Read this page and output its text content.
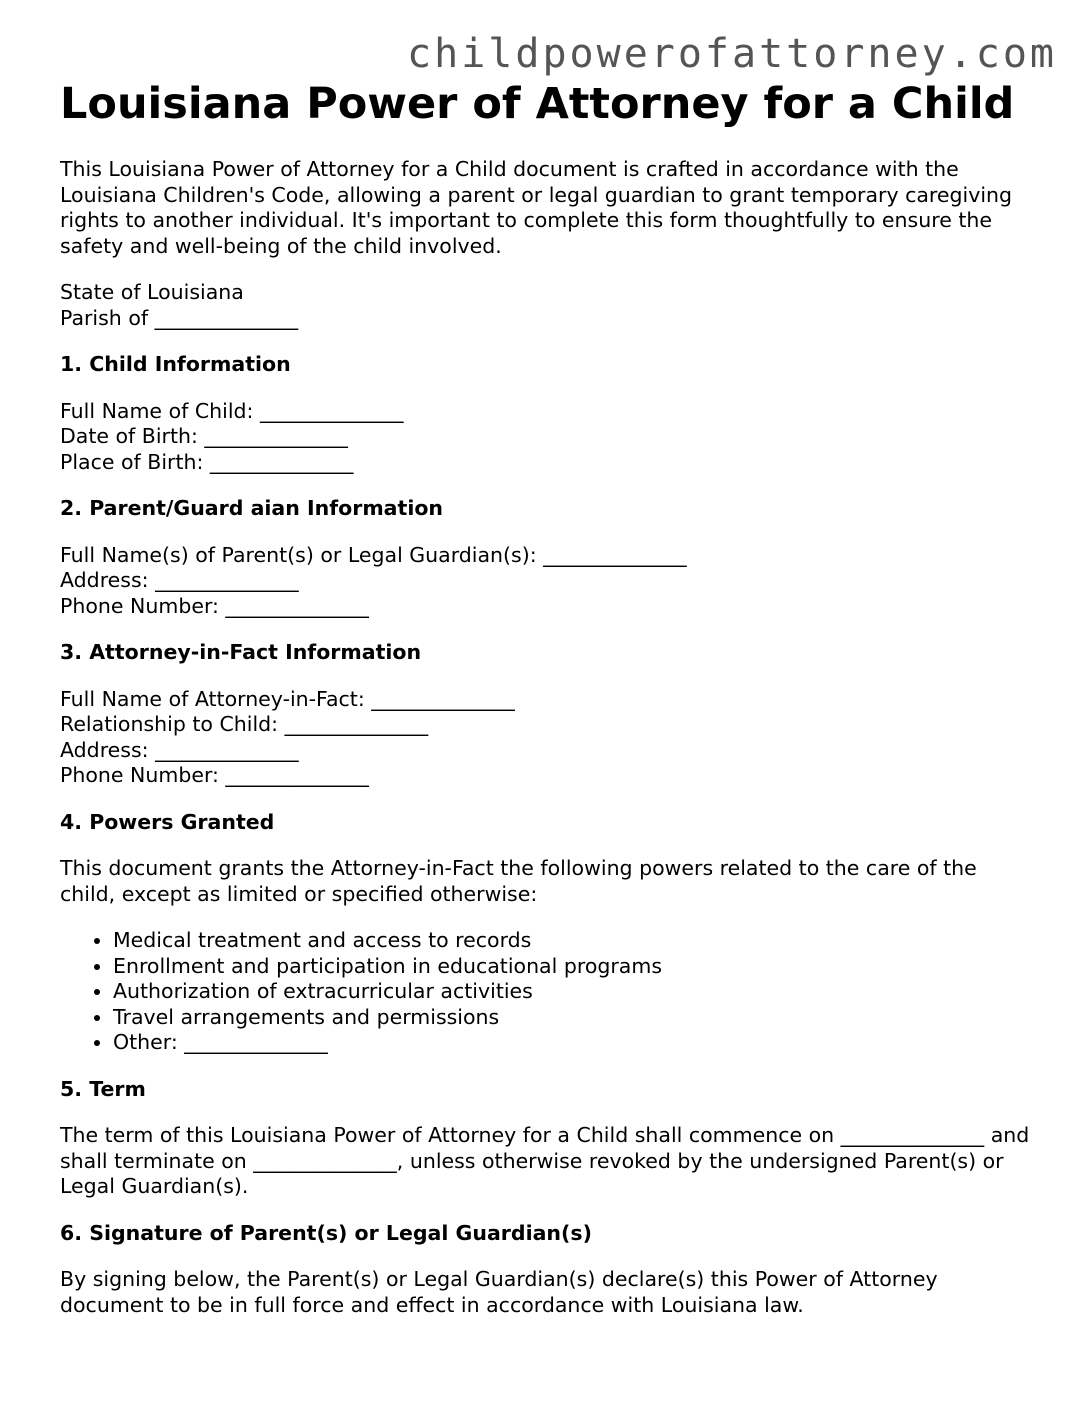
childpowerofattorney.com
Louisiana Power of Attorney for a Child

This Louisiana Power of Attorney for a Child document is crafted in accordance with the Louisiana Children's Code, allowing a parent or legal guardian to grant temporary caregiving rights to another individual. It's important to complete this form thoughtfully to ensure the safety and well-being of the child involved.

State of Louisiana
Parish of ______________

1. Child Information

Full Name of Child: ______________
Date of Birth: ______________
Place of Birth: ______________

2. Parent/Guard aian Information

Full Name(s) of Parent(s) or Legal Guardian(s): ______________
Address: ______________
Phone Number: ______________

3. Attorney-in-Fact Information

Full Name of Attorney-in-Fact: ______________
Relationship to Child: ______________
Address: ______________
Phone Number: ______________

4. Powers Granted

This document grants the Attorney-in-Fact the following powers related to the care of the child, except as limited or specified otherwise:

• Medical treatment and access to records
• Enrollment and participation in educational programs
• Authorization of extracurricular activities
• Travel arrangements and permissions
• Other: ______________
5. Term

The term of this Louisiana Power of Attorney for a Child shall commence on ______________ and shall terminate on ______________, unless otherwise revoked by the undersigned Parent(s) or Legal Guardian(s).

6. Signature of Parent(s) or Legal Guardian(s)

By signing below, the Parent(s) or Legal Guardian(s) declare(s) this Power of Attorney document to be in full force and effect in accordance with Louisiana law.
